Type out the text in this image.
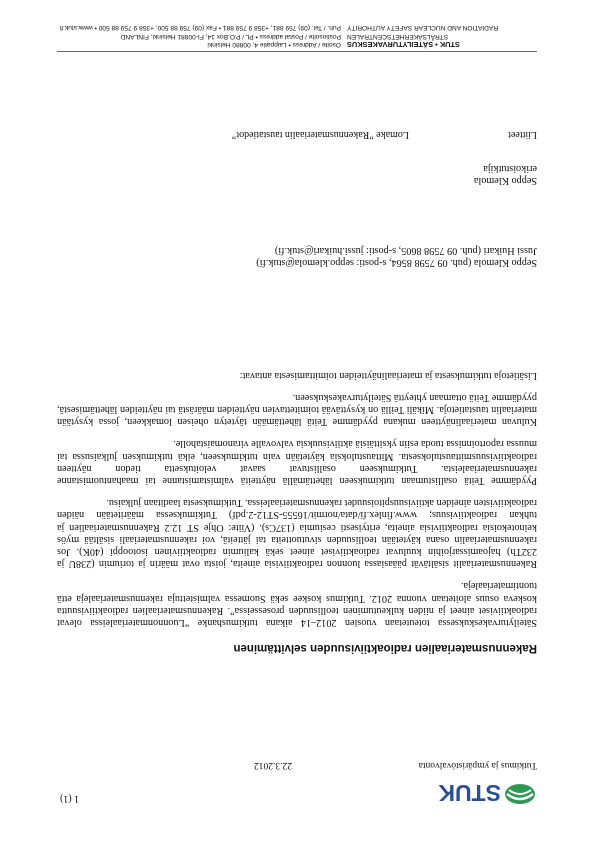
STUK
1 (1)
Tutkimus ja ympäristövalvonta
22.3.2012
Rakennusmateriaalien radioaktiivisuuden selvittäminen

Säteilyturvakeskuksessa toteutetaan vuosien 2012–14 aikana tutkimushanke “Luonnonmateriaaleissa olevat radioaktiiviset aineet ja niiden kulkeutuminen teollisuuden prosesseissa”. Rakennusmateriaalien radioaktiivisuutta koskeva osuus aloitetaan vuonna 2012. Tutkimus koskee sekä Suomessa valmistettuja rakennusmateriaaleja että tuontimateriaaleja.

Rakennusmateriaalit sisältävät pääasiassa luonnon radioaktiivisia aineita, joista ovat määrin ja toriumin (238U ja 232Th) hajoamissarjoihin kuuluvat radioaktiiviset aineet sekä kaliumin radioaktiivinen isotooppi (40K). Jos rakennusmateriaalin osana käytetään teollisuuden sivutuotteita tai jätteitä, voi rakennusmateriaali sisältää myös keinotekoisia radioaktiivisia aineita, erityisesti cesiumia (137Cs). (Viite: Ohje ST 12.2 Rakennusmateriaalien ja tuhkan radioaktiivisuus; www.finlex.fi/data/normit/16555-ST12-2.pdf) Tutkimuksessa määritetään näiden radioaktiivisten aineiden aktiivisuuspitoisuudet rakennusmateriaaleissa. Tutkimuksesta laaditaan julkaisu.

Pyydämme Teitä osallistumaan tutkimukseen lähettämällä näytteitä valmistamistanne tai maahantuomistanne rakennusmateriaaleista. Tutkimukseen osallistuvat saavat veloituksetta tiedon näytteen radioaktiivisuusmittaustuloksesta. Mittaustuloksia käytetään vain tutkimukseen, eikä tutkimuksen julkaisussa tai muussa raportoinnissa tuoda esiin yksittäisiä aktiivisuuksia valvovalle viranomaistaholle.

Kuluvan materiaalinäytteen mukana pyydämme Teitä lähettämään täytetyn oheisen lomakkeen, jossa kysytään materiaalin taustatietoja. Mikäli Teillä on kysyttävää toimitettavien näytteiden määrästä tai näytteiden lähettämisestä, pyydämme Teitä ottamaan yhteyttä Säteilyturvakeskukseen.

Lisätietoja tutkimuksesta ja materiaalinäytteiden toimittamisesta antavat:

Seppo Klemola (puh. 09 7598 8564, s-posti: seppo.klemola@stuk.fi)
Jussi Huikari (puh. 09 7598 8605, s-posti: jussi.huikari@stuk.fi)
Seppo Klemola
erikoistutkija
Liitteet
Lomake ”Rakennusmateriaalin taustatiedot”
STUK • SÄTEILYTURVAKESKUS
STRÅLSÄKERHETSCENTRALEN
RADIATION AND NUCLEAR SAFETY AUTHORITY
Osoite / Address • Laippatie 4, 00880 Helsinki
Postiosoite / Postal address • PL / P.O.Box 14, FI-00881 Helsinki, FINLAND
Puh. / Tel. (09) 759 881, +358 9 759 881 • Fax (09) 759 88 500, +358 9 759 88 500 • www.stuk.fi
